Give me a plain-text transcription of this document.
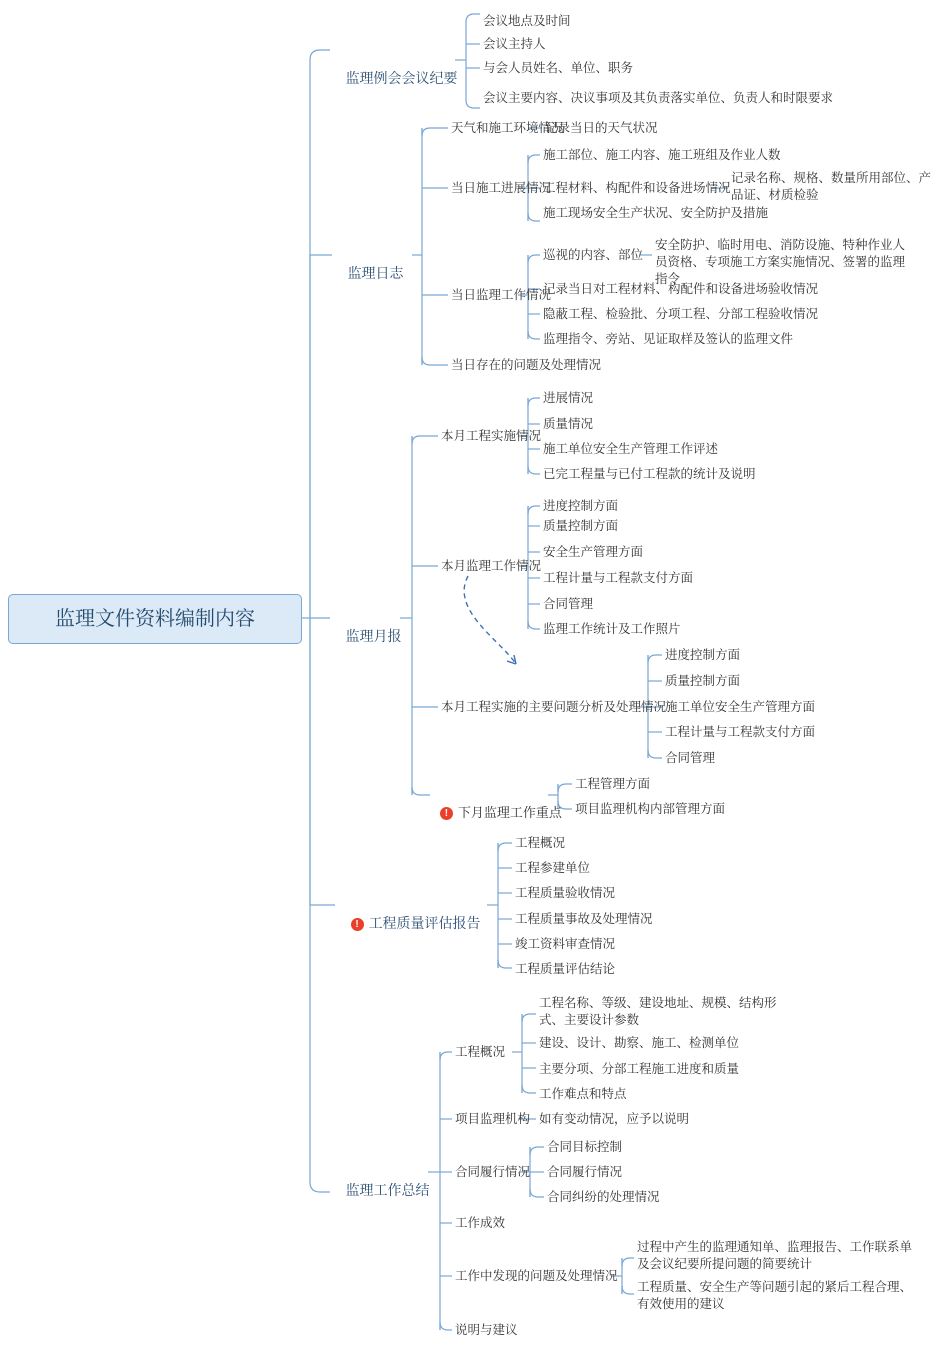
监理文件资料编制内容

监理例会会议纪要

监理日志

监理月报

! 工程质量评估报告

监理工作总结

会议地点及时间
会议主持人
与会人员姓名、单位、职务
会议主要内容、决议事项及其负责落实单位、负责人和时限要求
天气和施工环境情况
记录当日的天气状况
当日施工进展情况
施工部位、施工内容、施工班组及作业人数
工程材料、构配件和设备进场情况
记录名称、规格、数量所用部位、产品证、材质检验
施工现场安全生产状况、安全防护及措施
当日监理工作情况
巡视的内容、部位
安全防护、临时用电、消防设施、特种作业人员资格、专项施工方案实施情况、签署的监理指令
记录当日对工程材料、构配件和设备进场验收情况
隐蔽工程、检验批、分项工程、分部工程验收情况
监理指令、旁站、见证取样及签认的监理文件
当日存在的问题及处理情况
本月工程实施情况
进展情况
质量情况
施工单位安全生产管理工作评述
已完工程量与已付工程款的统计及说明
本月监理工作情况
进度控制方面
质量控制方面
安全生产管理方面
工程计量与工程款支付方面
合同管理
监理工作统计及工作照片
本月工程实施的主要问题分析及处理情况
进度控制方面
质量控制方面
施工单位安全生产管理方面
工程计量与工程款支付方面
合同管理

! 下月监理工作重点

工程管理方面
项目监理机构内部管理方面
工程概况
工程参建单位
工程质量验收情况
工程质量事故及处理情况
竣工资料审查情况
工程质量评估结论
工程概况
工程名称、等级、建设地址、规模、结构形式、主要设计参数
建设、设计、勘察、施工、检测单位
主要分项、分部工程施工进度和质量
工作难点和特点
项目监理机构 如有变动情况，应予以说明
合同履行情况
合同目标控制
合同履行情况
合同纠纷的处理情况
工作成效
工作中发现的问题及处理情况
过程中产生的监理通知单、监理报告、工作联系单及会议纪要所提问题的简要统计
工程质量、安全生产等问题引起的紧后工程合理、有效使用的建议
说明与建议
